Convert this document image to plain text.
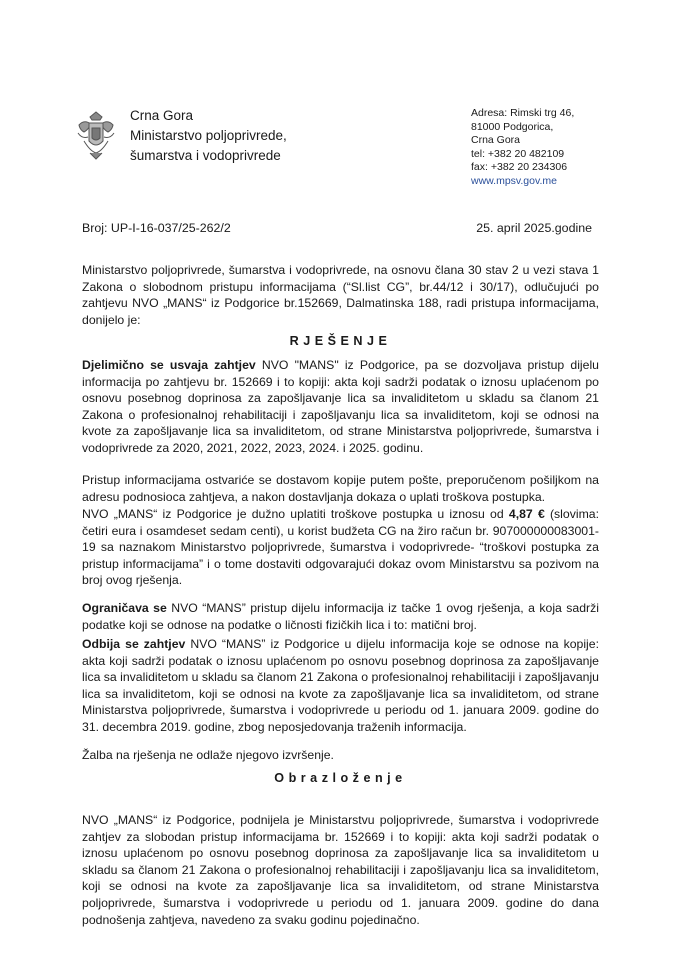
Crna Gora
Ministarstvo poljoprivrede,
šumarstva i vodoprivrede
Adresa: Rimski trg 46,
81000 Podgorica,
Crna Gora
tel: +382 20 482109
fax: +382 20 234306
www.mpsv.gov.me
Broj: UP-I-16-037/25-262/2	25. april 2025.godine

Ministarstvo poljoprivrede, šumarstva i vodoprivrede, na osnovu člana 30 stav 2 u vezi stava 1 Zakona o slobodnom pristupu informacijama (“Sl.list CG”, br.44/12 i 30/17), odlučujući po zahtjevu NVO „MANS“ iz Podgorice br.152669, Dalmatinska 188, radi pristupa informacijama, donijelo je:

RJEŠENJE

Djelimično se usvaja zahtjev NVO "MANS" iz Podgorice, pa se dozvoljava pristup dijelu informacija po zahtjevu br. 152669 i to kopiji: akta koji sadrži podatak o iznosu uplaćenom po osnovu posebnog doprinosa za zapošljavanje lica sa invaliditetom u skladu sa članom 21 Zakona o profesionalnoj rehabilitaciji i zapošljavanju lica sa invaliditetom, koji se odnosi na kvote za zapošljavanje lica sa invaliditetom, od strane Ministarstva poljoprivrede, šumarstva i vodoprivrede za 2020, 2021, 2022, 2023, 2024. i 2025. godinu.

Pristup informacijama ostvariće se dostavom kopije putem pošte, preporučenom pošiljkom na adresu podnosioca zahtjeva, a nakon dostavljanja dokaza o uplati troškova postupka.

NVO „MANS“ iz Podgorice je dužno uplatiti troškove postupka u iznosu od 4,87 € (slovima: četiri eura i osamdeset sedam centi), u korist budžeta CG na žiro račun br. 907000000083001-19 sa naznakom Ministarstvo poljoprivrede, šumarstva i vodoprivrede- “troškovi postupka za pristup informacijama” i o tome dostaviti odgovarajući dokaz ovom Ministarstvu sa pozivom na broj ovog rješenja.

Ograničava se NVO “MANS” pristup dijelu informacija iz tačke 1 ovog rješenja, a koja sadrži podatke koji se odnose na podatke o ličnosti fizičkih lica i to: matični broj.

Odbija se zahtjev NVO “MANS” iz Podgorice u dijelu informacija koje se odnose na kopije: akta koji sadrži podatak o iznosu uplaćenom po osnovu posebnog doprinosa za zapošljavanje lica sa invaliditetom u skladu sa članom 21 Zakona o profesionalnoj rehabilitaciji i zapošljavanju lica sa invaliditetom, koji se odnosi na kvote za zapošljavanje lica sa invaliditetom, od strane Ministarstva poljoprivrede, šumarstva i vodoprivrede u periodu od 1. januara 2009. godine do 31. decembra 2019. godine, zbog neposjedovanja traženih informacija.

Žalba na rješenja ne odlaže njegovo izvršenje.

Obrazloženje

NVO „MANS“ iz Podgorice, podnijela je Ministarstvu poljoprivrede, šumarstva i vodoprivrede zahtjev za slobodan pristup informacijama br. 152669 i to kopiji: akta koji sadrži podatak o iznosu uplaćenom po osnovu posebnog doprinosa za zapošljavanje lica sa invaliditetom u skladu sa članom 21 Zakona o profesionalnoj rehabilitaciji i zapošljavanju lica sa invaliditetom, koji se odnosi na kvote za zapošljavanje lica sa invaliditetom, od strane Ministarstva poljoprivrede, šumarstva i vodoprivrede u periodu od 1. januara 2009. godine do dana podnošenja zahtjeva, navedeno za svaku godinu pojedinačno.
